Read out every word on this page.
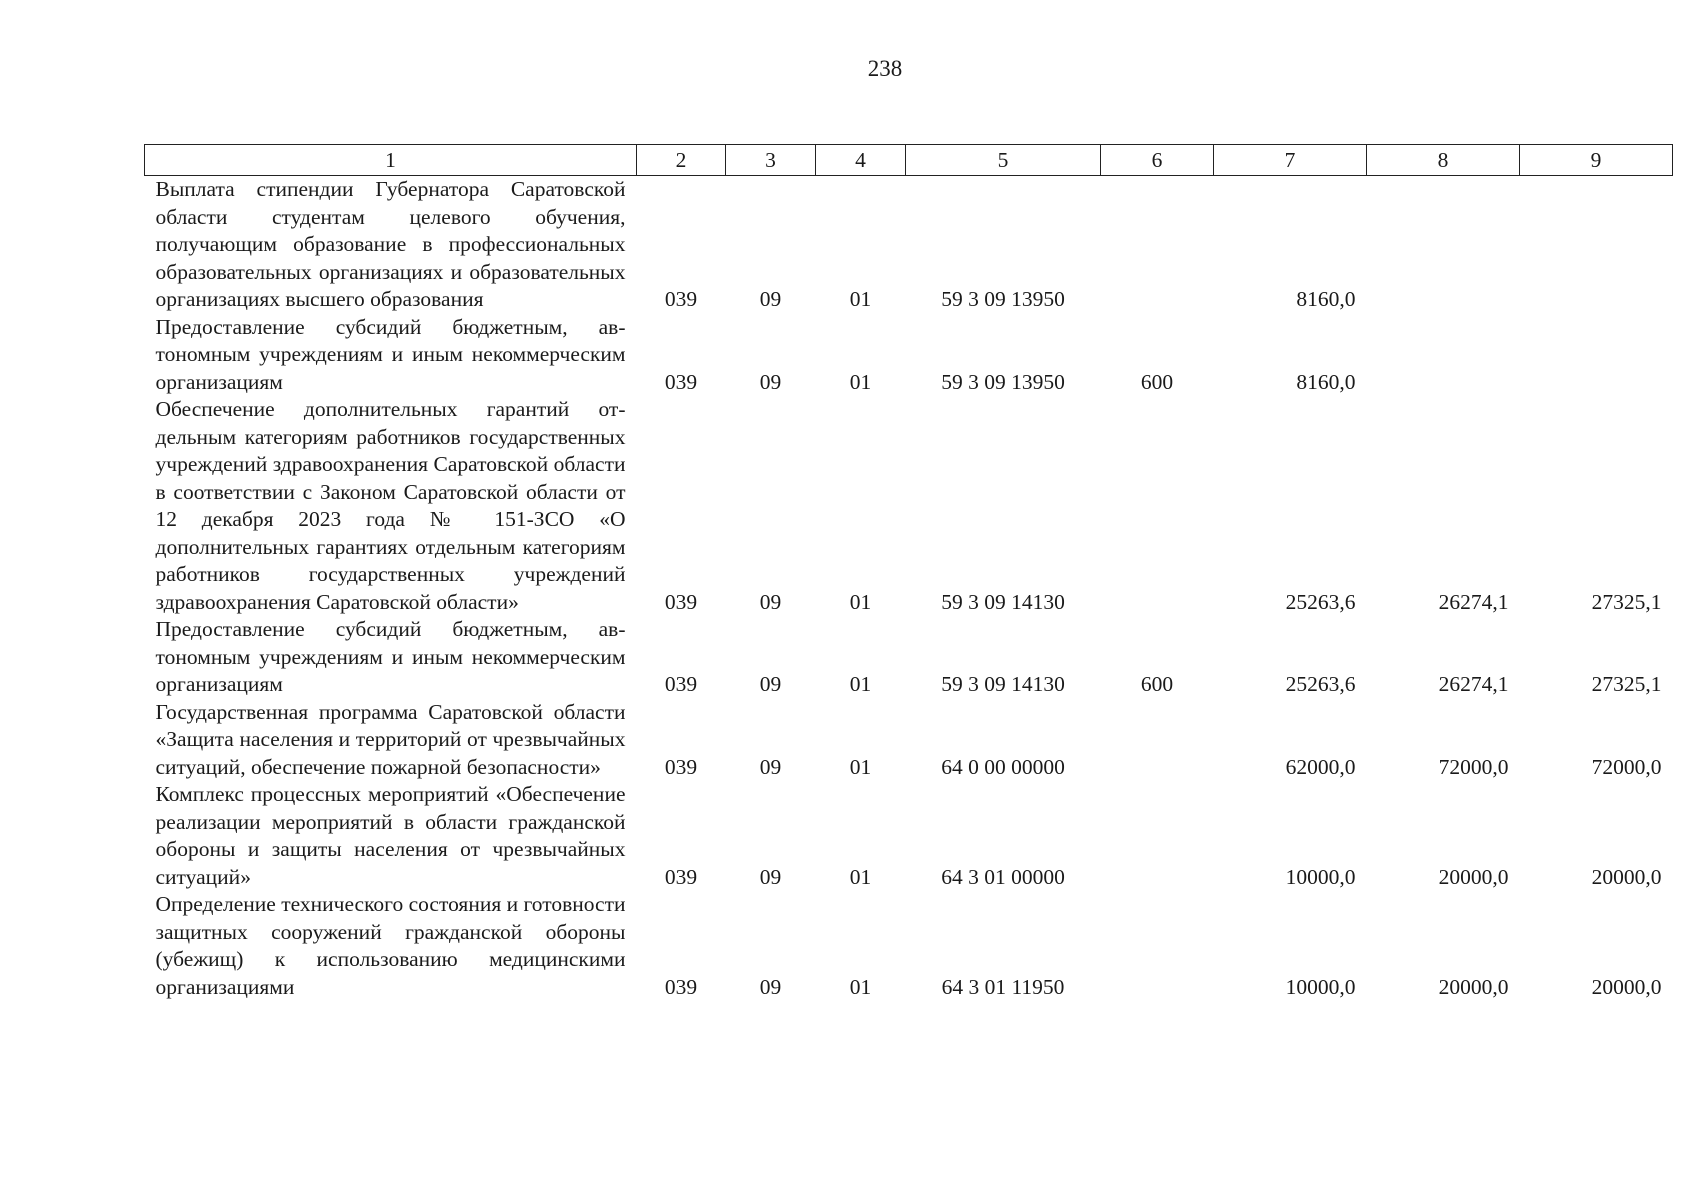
238
1	2	3	4	5	6	7	8	9
Выплата стипендии Губернатора Саратовской области студентам целевого обучения, получающим образование в профессиональных образовательных организациях и образовательных организациях высшего образования	039	09	01	59 3 09 13950		8160,0		
Предоставление субсидий бюджетным, автономным учреждениям и иным некоммерческим организациям	039	09	01	59 3 09 13950	600	8160,0		
Обеспечение дополнительных гарантий отдельным категориям работников государственных учреждений здравоохранения Саратовской области в соответствии с Законом Саратовской области от 12 декабря 2023 года № 151-ЗСО «О дополнительных гарантиях отдельным категориям работников государственных учреждений здравоохранения Саратовской области»	039	09	01	59 3 09 14130		25263,6	26274,1	27325,1
Предоставление субсидий бюджетным, автономным учреждениям и иным некоммерческим организациям	039	09	01	59 3 09 14130	600	25263,6	26274,1	27325,1
Государственная программа Саратовской области «Защита населения и территорий от чрезвычайных ситуаций, обеспечение пожарной безопасности»	039	09	01	64 0 00 00000		62000,0	72000,0	72000,0
Комплекс процессных мероприятий «Обеспечение реализации мероприятий в области гражданской обороны и защиты населения от чрезвычайных ситуаций»	039	09	01	64 3 01 00000		10000,0	20000,0	20000,0
Определение технического состояния и готовности защитных сооружений гражданской обороны (убежищ) к использованию медицинскими организациями	039	09	01	64 3 01 11950		10000,0	20000,0	20000,0
